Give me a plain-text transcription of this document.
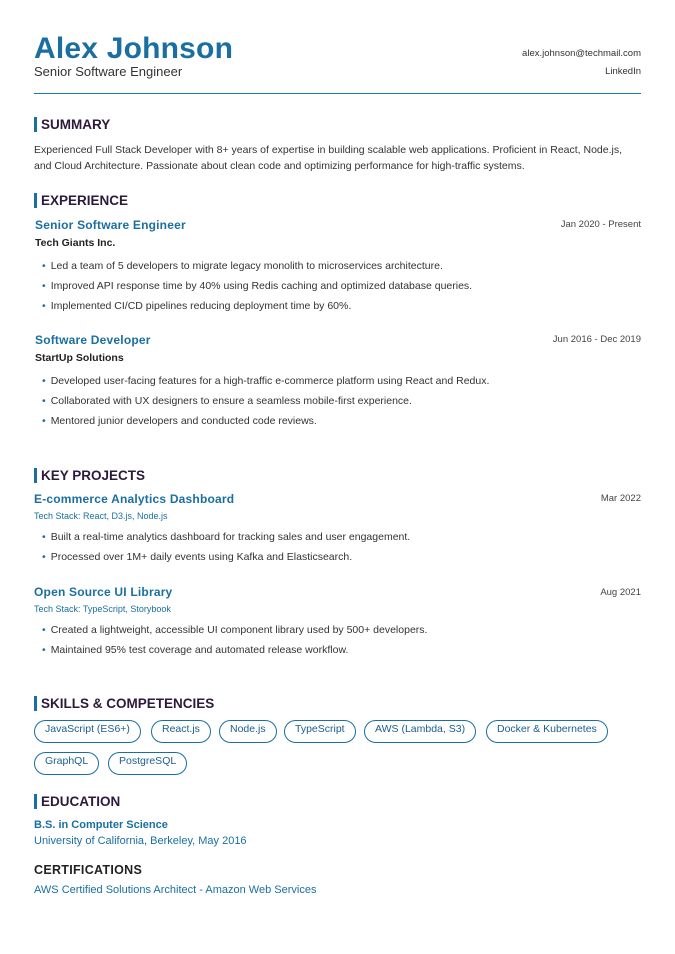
Alex Johnson
Senior Software Engineer
alex.johnson@techmail.com
LinkedIn
SUMMARY
Experienced Full Stack Developer with 8+ years of expertise in building scalable web applications. Proficient in React, Node.js, and Cloud Architecture. Passionate about clean code and optimizing performance for high-traffic systems.
EXPERIENCE
Senior Software Engineer	Jan 2020 - Present
Tech Giants Inc.
• Led a team of 5 developers to migrate legacy monolith to microservices architecture.
• Improved API response time by 40% using Redis caching and optimized database queries.
• Implemented CI/CD pipelines reducing deployment time by 60%.
Software Developer	Jun 2016 - Dec 2019
StartUp Solutions
• Developed user-facing features for a high-traffic e-commerce platform using React and Redux.
• Collaborated with UX designers to ensure a seamless mobile-first experience.
• Mentored junior developers and conducted code reviews.
KEY PROJECTS
E-commerce Analytics Dashboard	Mar 2022
Tech Stack: React, D3.js, Node.js
• Built a real-time analytics dashboard for tracking sales and user engagement.
• Processed over 1M+ daily events using Kafka and Elasticsearch.
Open Source UI Library	Aug 2021
Tech Stack: TypeScript, Storybook
• Created a lightweight, accessible UI component library used by 500+ developers.
• Maintained 95% test coverage and automated release workflow.
SKILLS & COMPETENCIES
JavaScript (ES6+)	React.js	Node.js	TypeScript	AWS (Lambda, S3)	Docker & Kubernetes
GraphQL	PostgreSQL
EDUCATION
B.S. in Computer Science
University of California, Berkeley, May 2016
CERTIFICATIONS
AWS Certified Solutions Architect - Amazon Web Services
